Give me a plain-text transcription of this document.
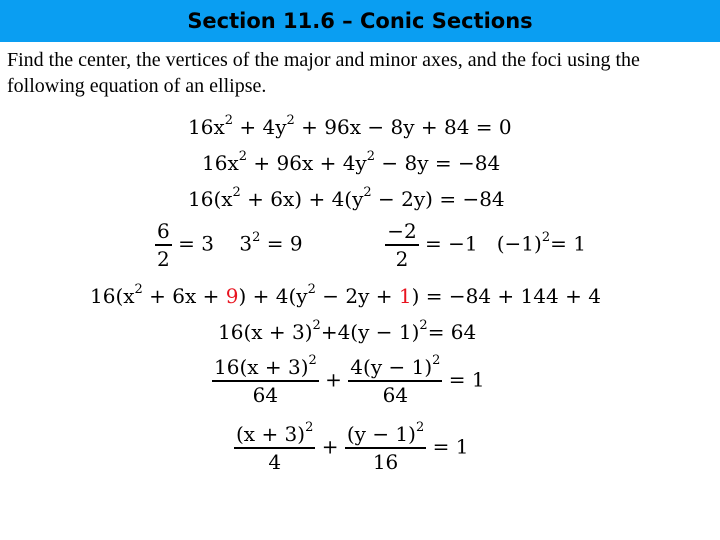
Section 11.6 – Conic Sections
Find the center, the vertices of the major and minor axes, and the foci using the following equation of an ellipse.
$16x^2 + 4y^2 + 96x - 8y + 84 = 0$
$16x^2 + 96x + 4y^2 - 8y = -84$
$16(x^2 + 6x) + 4(y^2 - 2y) = -84$
$\frac{6}{2} = 3$    $3^2 = 9 \frac{-2}{2} = -1$   $(-1)^2= 1$
$16(x^2 + 6x + 9) + 4(y^2 - 2y + 1) = -84 + 144 + 4$
$16(x + 3)^2+4(y - 1)^2= 64$
$\frac{16(x + 3)^2}{64} + \frac{4(y - 1)^2}{64} = 1$
$\frac{(x + 3)^2}{4} + \frac{(y - 1)^2}{16} = 1$
